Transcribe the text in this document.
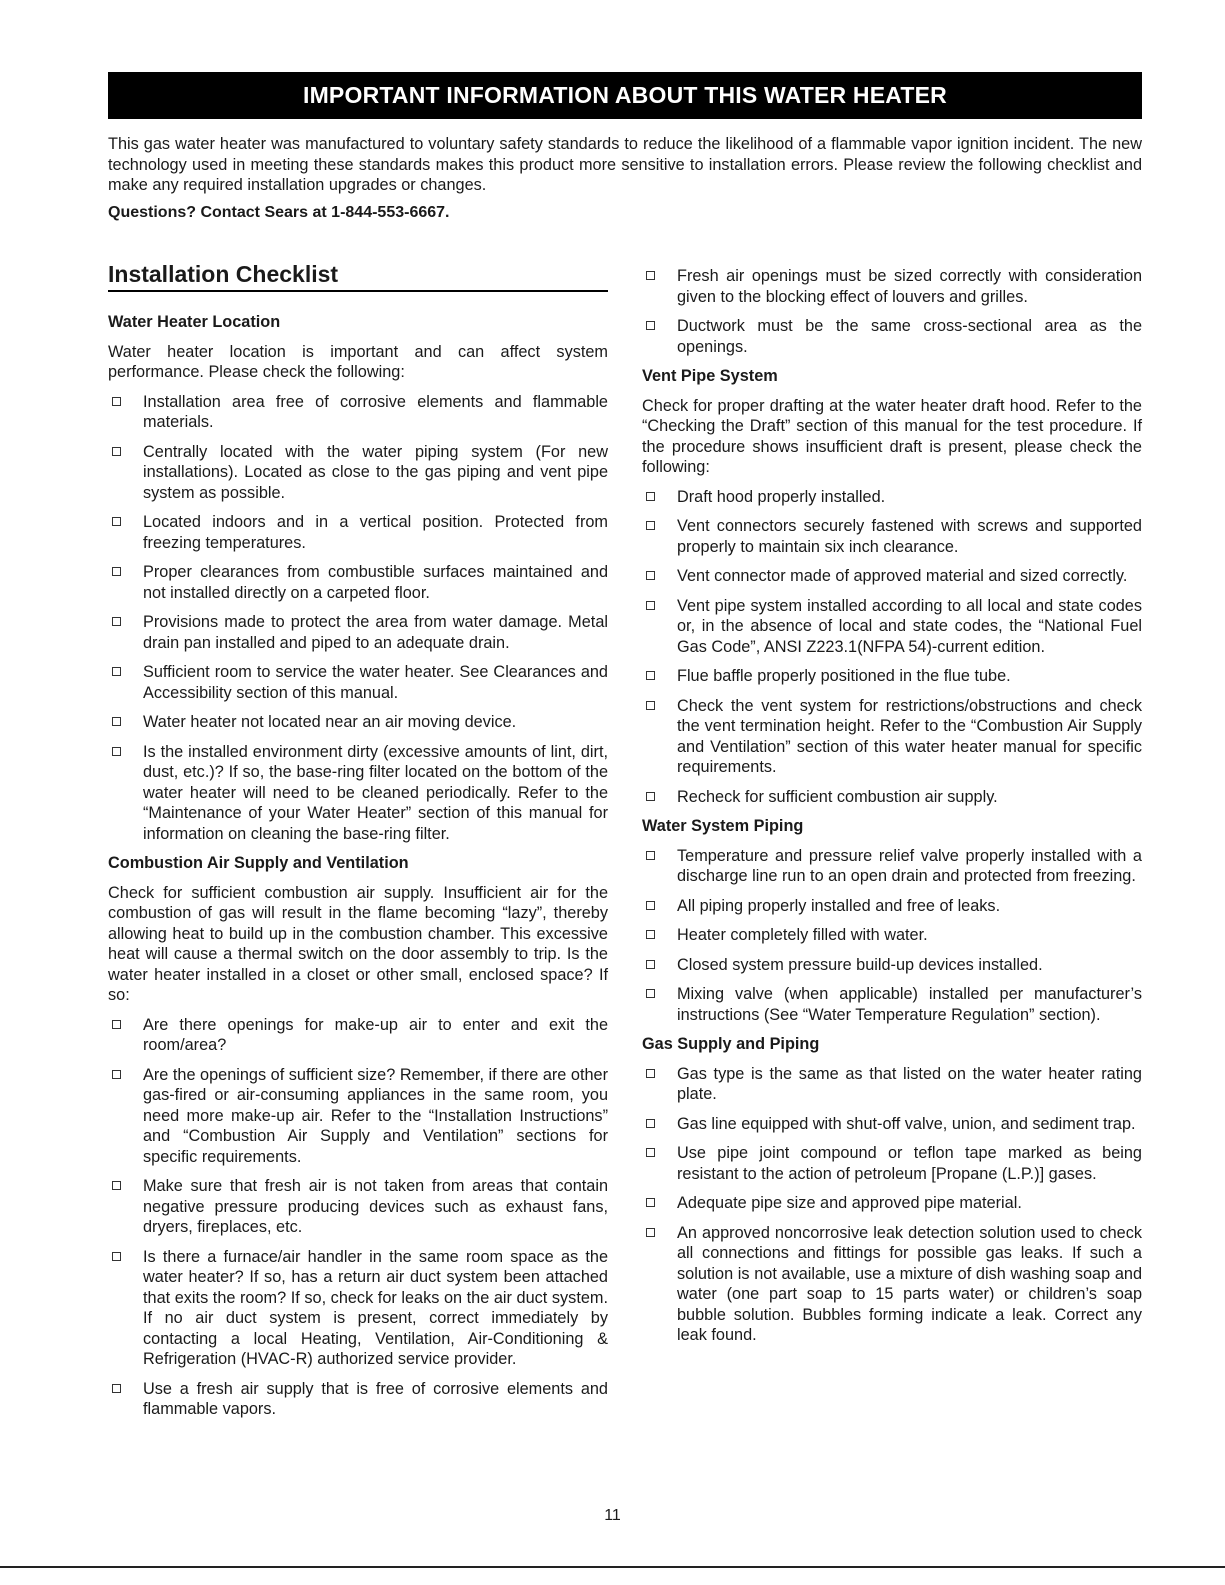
IMPORTANT INFORMATION ABOUT THIS WATER HEATER

This gas water heater was manufactured to voluntary safety standards to reduce the likelihood of a flammable vapor ignition incident. The new technology used in meeting these standards makes this product more sensitive to installation errors. Please review the following checklist and make any required installation upgrades or changes.

Questions? Contact Sears at 1-844-553-6667.

Installation Checklist
Water Heater Location

Water heater location is important and can affect system performance. Please check the following:

Installation area free of corrosive elements and flammable materials.
Centrally located with the water piping system (For new installations). Located as close to the gas piping and vent pipe system as possible.
Located indoors and in a vertical position. Protected from freezing temperatures.
Proper clearances from combustible surfaces maintained and not installed directly on a carpeted floor.
Provisions made to protect the area from water damage. Metal drain pan installed and piped to an adequate drain.
Sufficient room to service the water heater. See Clearances and Accessibility section of this manual.
Water heater not located near an air moving device.
Is the installed environment dirty (excessive amounts of lint, dirt, dust, etc.)? If so, the base-ring filter located on the bottom of the water heater will need to be cleaned periodically. Refer to the “Maintenance of your Water Heater” section of this manual for information on cleaning the base-ring filter.
Combustion Air Supply and Ventilation

Check for sufficient combustion air supply. Insufficient air for the combustion of gas will result in the flame becoming “lazy”, thereby allowing heat to build up in the combustion chamber. This excessive heat will cause a thermal switch on the door assembly to trip. Is the water heater installed in a closet or other small, enclosed space? If so:

Are there openings for make-up air to enter and exit the room/area?
Are the openings of sufficient size? Remember, if there are other gas-fired or air-consuming appliances in the same room, you need more make-up air. Refer to the “Installation Instructions” and “Combustion Air Supply and Ventilation” sections for specific requirements.
Make sure that fresh air is not taken from areas that contain negative pressure producing devices such as exhaust fans, dryers, fireplaces, etc.
Is there a furnace/air handler in the same room space as the water heater? If so, has a return air duct system been attached that exits the room? If so, check for leaks on the air duct system. If no air duct system is present, correct immediately by contacting a local Heating, Ventilation, Air-Conditioning & Refrigeration (HVAC-R) authorized service provider.
Use a fresh air supply that is free of corrosive elements and flammable vapors.
Fresh air openings must be sized correctly with consideration given to the blocking effect of louvers and grilles.
Ductwork must be the same cross-sectional area as the openings.
Vent Pipe System

Check for proper drafting at the water heater draft hood. Refer to the “Checking the Draft” section of this manual for the test procedure. If the procedure shows insufficient draft is present, please check the following:

Draft hood properly installed.
Vent connectors securely fastened with screws and supported properly to maintain six inch clearance.
Vent connector made of approved material and sized correctly.
Vent pipe system installed according to all local and state codes or, in the absence of local and state codes, the “National Fuel Gas Code”, ANSI Z223.1(NFPA 54)-current edition.
Flue baffle properly positioned in the flue tube.
Check the vent system for restrictions/obstructions and check the vent termination height. Refer to the “Combustion Air Supply and Ventilation” section of this water heater manual for specific requirements.
Recheck for sufficient combustion air supply.
Water System Piping
Temperature and pressure relief valve properly installed with a discharge line run to an open drain and protected from freezing.
All piping properly installed and free of leaks.
Heater completely filled with water.
Closed system pressure build-up devices installed.
Mixing valve (when applicable) installed per manufacturer’s instructions (See “Water Temperature Regulation” section).
Gas Supply and Piping
Gas type is the same as that listed on the water heater rating plate.
Gas line equipped with shut-off valve, union, and sediment trap.
Use pipe joint compound or teflon tape marked as being resistant to the action of petroleum [Propane (L.P.)] gases.
Adequate pipe size and approved pipe material.
An approved noncorrosive leak detection solution used to check all connections and fittings for possible gas leaks. If such a solution is not available, use a mixture of dish washing soap and water (one part soap to 15 parts water) or children’s soap bubble solution. Bubbles forming indicate a leak. Correct any leak found.
11
